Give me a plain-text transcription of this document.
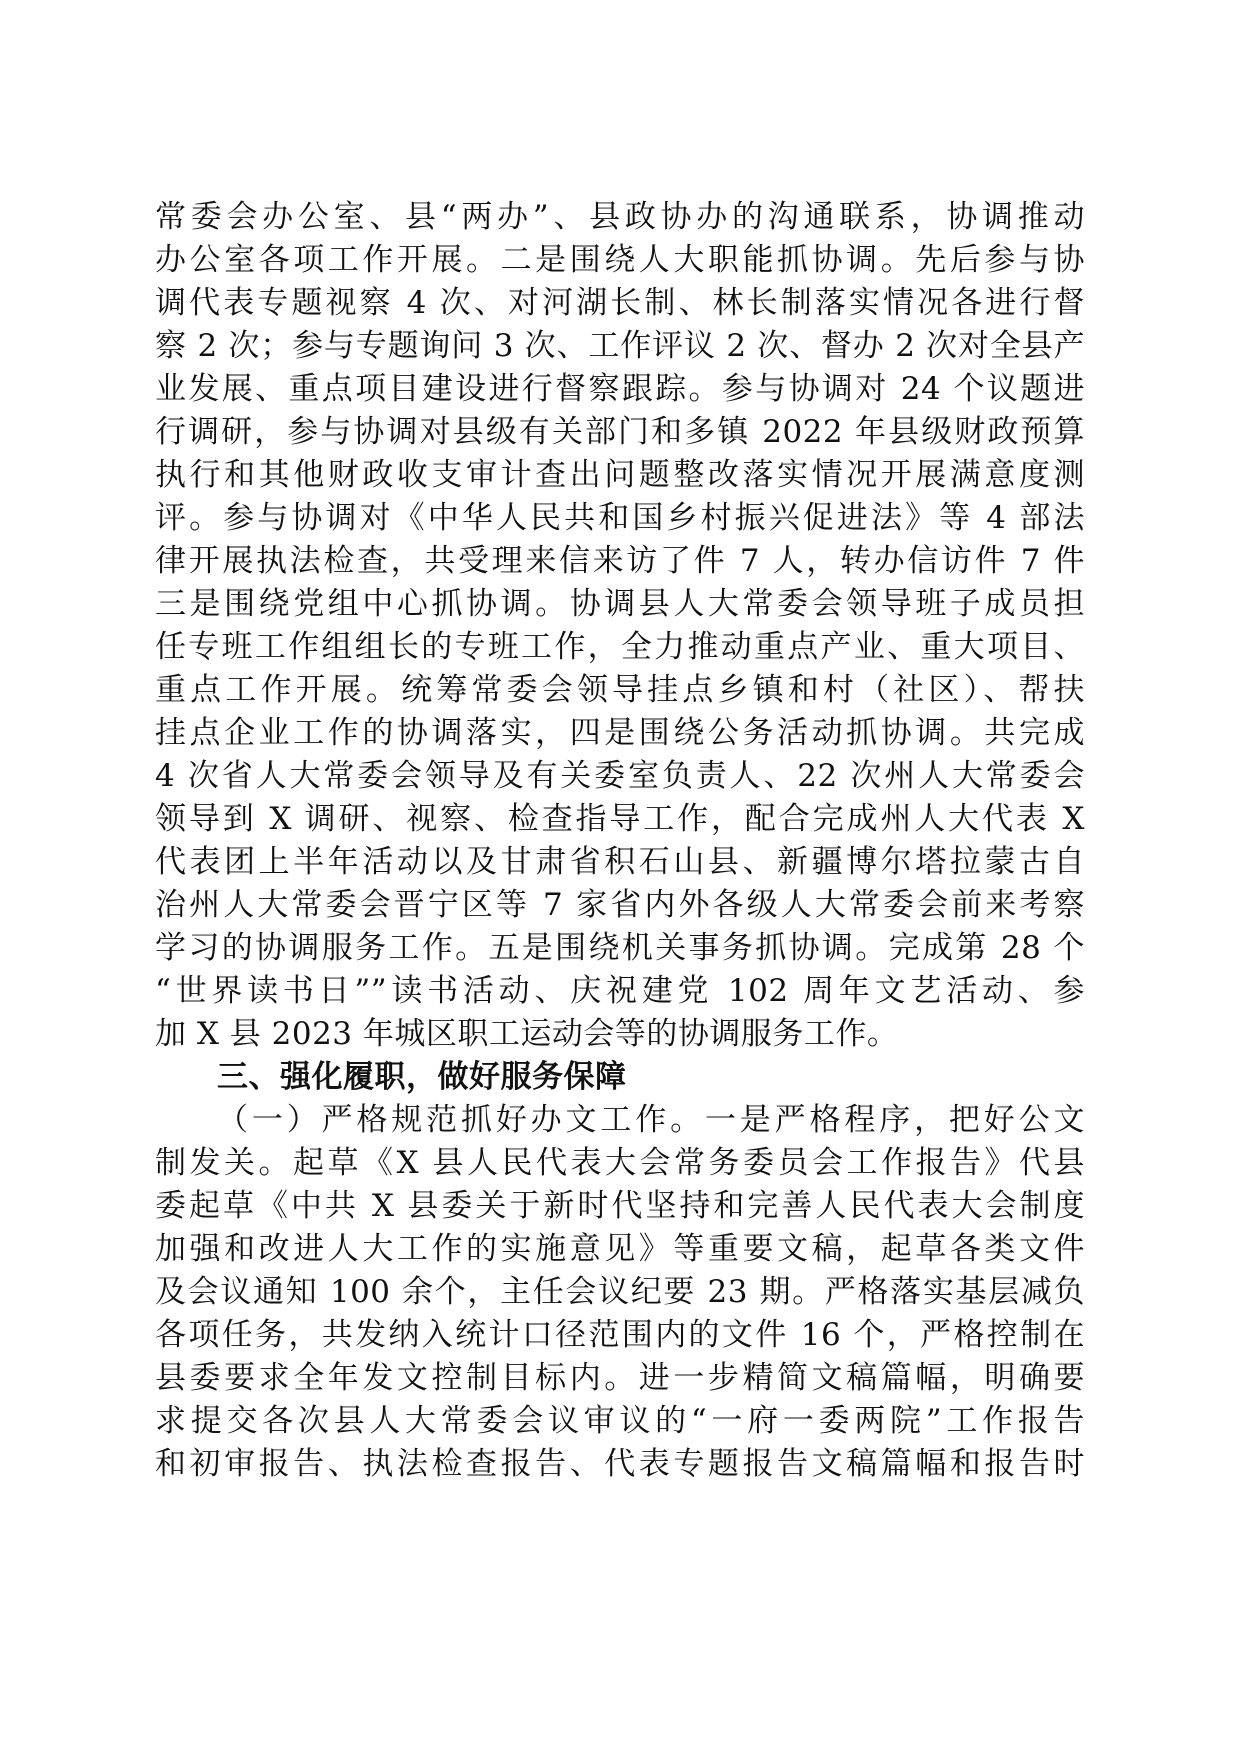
常委会办公室、县“两办”、县政协办的沟通联系，协调推动
办公室各项工作开展。二是围绕人大职能抓协调。先后参与协
调代表专题视察 4 次、对河湖长制、林长制落实情况各进行督
察 2 次；参与专题询问 3 次、工作评议 2 次、督办 2 次对全县产
业发展、重点项目建设进行督察跟踪。参与协调对 24 个议题进
行调研，参与协调对县级有关部门和多镇 2022 年县级财政预算
执行和其他财政收支审计查出问题整改落实情况开展满意度测
评。参与协调对《中华人民共和国乡村振兴促进法》等 4 部法
律开展执法检查，共受理来信来访了件 7 人，转办信访件 7 件
三是围绕党组中心抓协调。协调县人大常委会领导班子成员担
任专班工作组组长的专班工作，全力推动重点产业、重大项目、
重点工作开展。统筹常委会领导挂点乡镇和村（社区）、帮扶
挂点企业工作的协调落实，四是围绕公务活动抓协调。共完成
4 次省人大常委会领导及有关委室负责人、22 次州人大常委会
领导到 X 调研、视察、检查指导工作，配合完成州人大代表 X
代表团上半年活动以及甘肃省积石山县、新疆博尔塔拉蒙古自
治州人大常委会晋宁区等 7 家省内外各级人大常委会前来考察
学习的协调服务工作。五是围绕机关事务抓协调。完成第 28 个
“世界读书日””读书活动、庆祝建党 102 周年文艺活动、参
加 X 县 2023 年城区职工运动会等的协调服务工作。
三、强化履职，做好服务保障
（一）严格规范抓好办文工作。一是严格程序，把好公文
制发关。起草《X 县人民代表大会常务委员会工作报告》代县
委起草《中共 X 县委关于新时代坚持和完善人民代表大会制度
加强和改进人大工作的实施意见》等重要文稿，起草各类文件
及会议通知 100 余个，主任会议纪要 23 期。严格落实基层减负
各项任务，共发纳入统计口径范围内的文件 16 个，严格控制在
县委要求全年发文控制目标内。进一步精简文稿篇幅，明确要
求提交各次县人大常委会议审议的“一府一委两院”工作报告
和初审报告、执法检查报告、代表专题报告文稿篇幅和报告时
